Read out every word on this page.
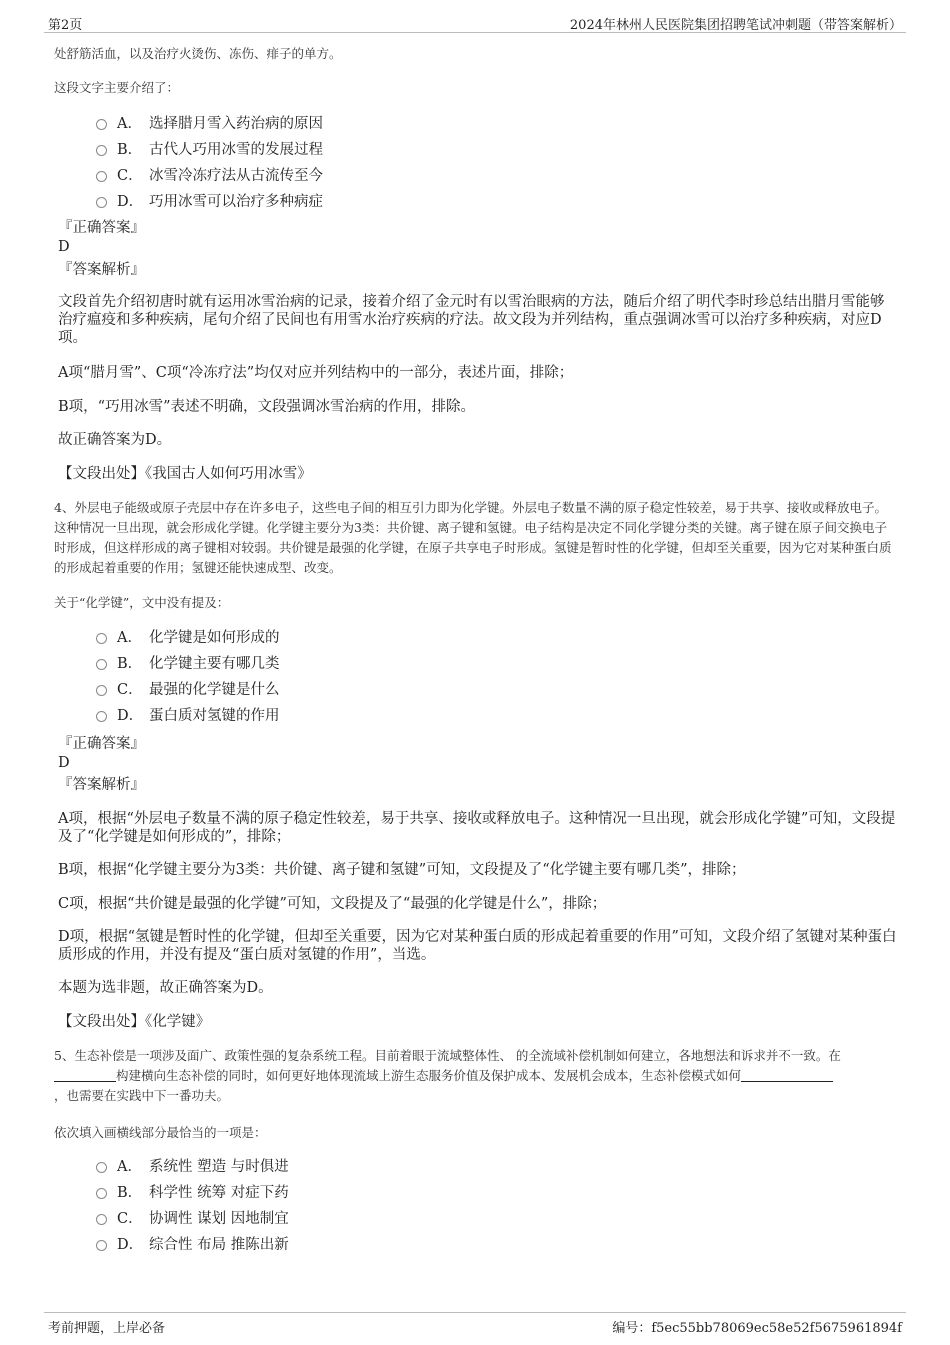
第2页	2024年林州人民医院集团招聘笔试冲刺题（带答案解析）
处舒筋活血，以及治疗火烫伤、冻伤、痱子的单方。
这段文字主要介绍了：
A． 选择腊月雪入药治病的原因
B． 古代人巧用冰雪的发展过程
C． 冰雪冷冻疗法从古流传至今
D． 巧用冰雪可以治疗多种病症
『正确答案』
D
『答案解析』
文段首先介绍初唐时就有运用冰雪治病的记录，接着介绍了金元时有以雪治眼病的方法，随后介绍了明代李时珍总结出腊月雪能够治疗瘟疫和多种疾病，尾句介绍了民间也有用雪水治疗疾病的疗法。故文段为并列结构，重点强调冰雪可以治疗多种疾病，对应D项。
A项“腊月雪”、C项“冷冻疗法”均仅对应并列结构中的一部分，表述片面，排除；
B项，“巧用冰雪”表述不明确，文段强调冰雪治病的作用，排除。
故正确答案为D。
【文段出处】《我国古人如何巧用冰雪》
4、外层电子能级或原子壳层中存在许多电子，这些电子间的相互引力即为化学键。外层电子数量不满的原子稳定性较差，易于共享、接收或释放电子。这种情况一旦出现，就会形成化学键。化学键主要分为3类：共价键、离子键和氢键。电子结构是决定不同化学键分类的关键。离子键在原子间交换电子时形成，但这样形成的离子键相对较弱。共价键是最强的化学键，在原子共享电子时形成。氢键是暂时性的化学键，但却至关重要，因为它对某种蛋白质的形成起着重要的作用；氢键还能快速成型、改变。
关于“化学键”，文中没有提及：
A． 化学键是如何形成的
B． 化学键主要有哪几类
C． 最强的化学键是什么
D． 蛋白质对氢键的作用
『正确答案』
D
『答案解析』
A项，根据“外层电子数量不满的原子稳定性较差，易于共享、接收或释放电子。这种情况一旦出现，就会形成化学键”可知，文段提及了“化学键是如何形成的”，排除；
B项，根据“化学键主要分为3类：共价键、离子键和氢键”可知，文段提及了“化学键主要有哪几类”，排除；
C项，根据“共价键是最强的化学键”可知，文段提及了“最强的化学键是什么”，排除；
D项，根据“氢键是暂时性的化学键，但却至关重要，因为它对某种蛋白质的形成起着重要的作用”可知，文段介绍了氢键对某种蛋白质形成的作用，并没有提及“蛋白质对氢键的作用”，当选。
本题为选非题，故正确答案为D。
【文段出处】《化学键》
5、生态补偿是一项涉及面广、政策性强的复杂系统工程。目前着眼于流域整体性、 的全流域补偿机制如何建立，各地想法和诉求并不一致。在
构建横向生态补偿的同时，如何更好地体现流域上游生态服务价值及保护成本、发展机会成本，生态补偿模式如何
，也需要在实践中下一番功夫。
依次填入画横线部分最恰当的一项是：
A． 系统性 塑造 与时俱进
B． 科学性 统筹 对症下药
C． 协调性 谋划 因地制宜
D． 综合性 布局 推陈出新
考前押题，上岸必备	编号：f5ec55bb78069ec58e52f5675961894f
